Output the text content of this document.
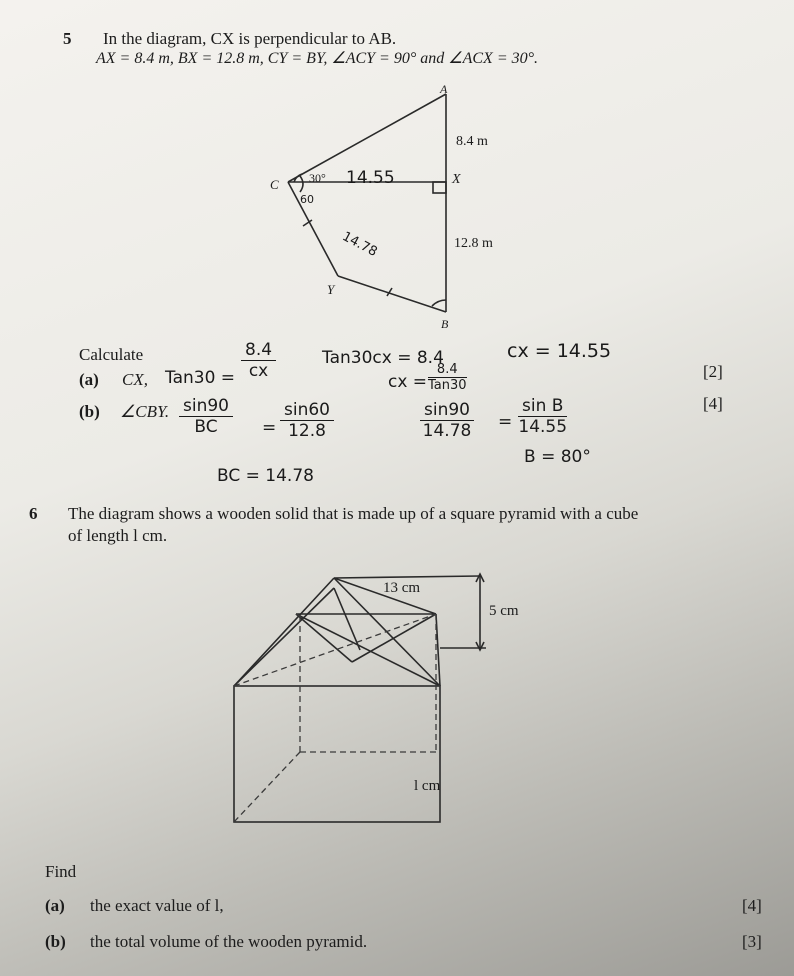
5 In the diagram, CX is perpendicular to AB.
AX = 8.4 m, BX = 12.8 m, CY = BY, ∠ACY = 90° and ∠ACX = 30°.
A
8.4 m
C	30°
60
14.55	X
14.78	12.8 m
Y
B
Calculate
(a) CX,	[2]
(b) ∠CBY.	[4]
$Tan30 = \frac{8.4}{cx}$	Tan30cx = 8.4
cx =
8.4
Tan30
cx = 14.55
$\frac{\sin 90}{BC} = \frac{\sin 60}{12.8}$	$\frac{\sin 90}{14.78} = \frac{\text{sin B}}{14.55}$
B = 80°
BC = 14.78
6 The diagram shows a wooden solid that is made up of a square pyramid with a cube
of length l cm.
13 cm
5 cm
l cm
Find
(a) the exact value of l,	[4]
(b) the total volume of the wooden pyramid.	[3]
